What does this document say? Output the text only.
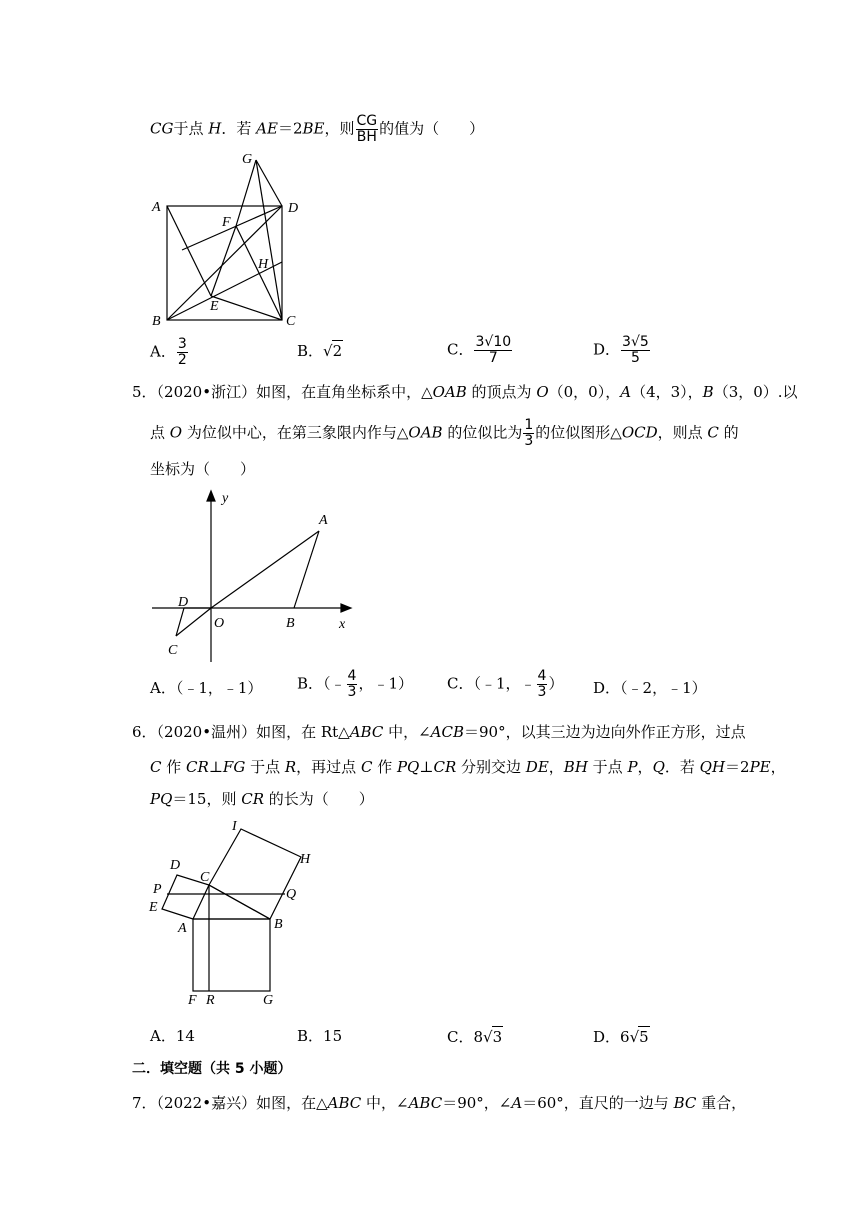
CG于点 H．若 AE＝2BE，则 $\frac{CG}{BH}$ 的值为（　　）
G
A
F
D
H
E
B	C
A． $\frac{3}{2}$	B．√2	C． $\frac{3√10}{7}$	D． $\frac{3√5}{5}$
5．（2020•浙江）如图，在直角坐标系中，△OAB 的顶点为 O（0，0），A（4，3），B（3，0）.以
点 O 为位似中心，在第三象限内作与△OAB 的位似比为 $\frac{1}{3}$ 的位似图形△OCD，则点 C 的
坐标为（　　）
y
A
D
O	B	x
C
A．（﹣1，﹣1） B．（﹣ $\frac{4}{3}$ ，﹣1） C．（﹣1，﹣ $\frac{4}{3}$ ） D．（﹣2，﹣1）
6．（2020•温州）如图，在 Rt△ABC 中，∠ACB＝90°，以其三边为边向外作正方形，过点
C 作 CR⊥FG 于点 R，再过点 C 作 PQ⊥CR 分别交边 DE，BH 于点 P，Q．若 QH＝2PE，
PQ＝15，则 CR 的长为（　　）
I
H
D
C
P	Q
E
A	B
F R	G
A．14	B．15	C．8√3	D．6√5
二．填空题（共 5 小题）
7．（2022•嘉兴）如图，在△ABC 中，∠ABC＝90°，∠A＝60°，直尺的一边与 BC 重合，
